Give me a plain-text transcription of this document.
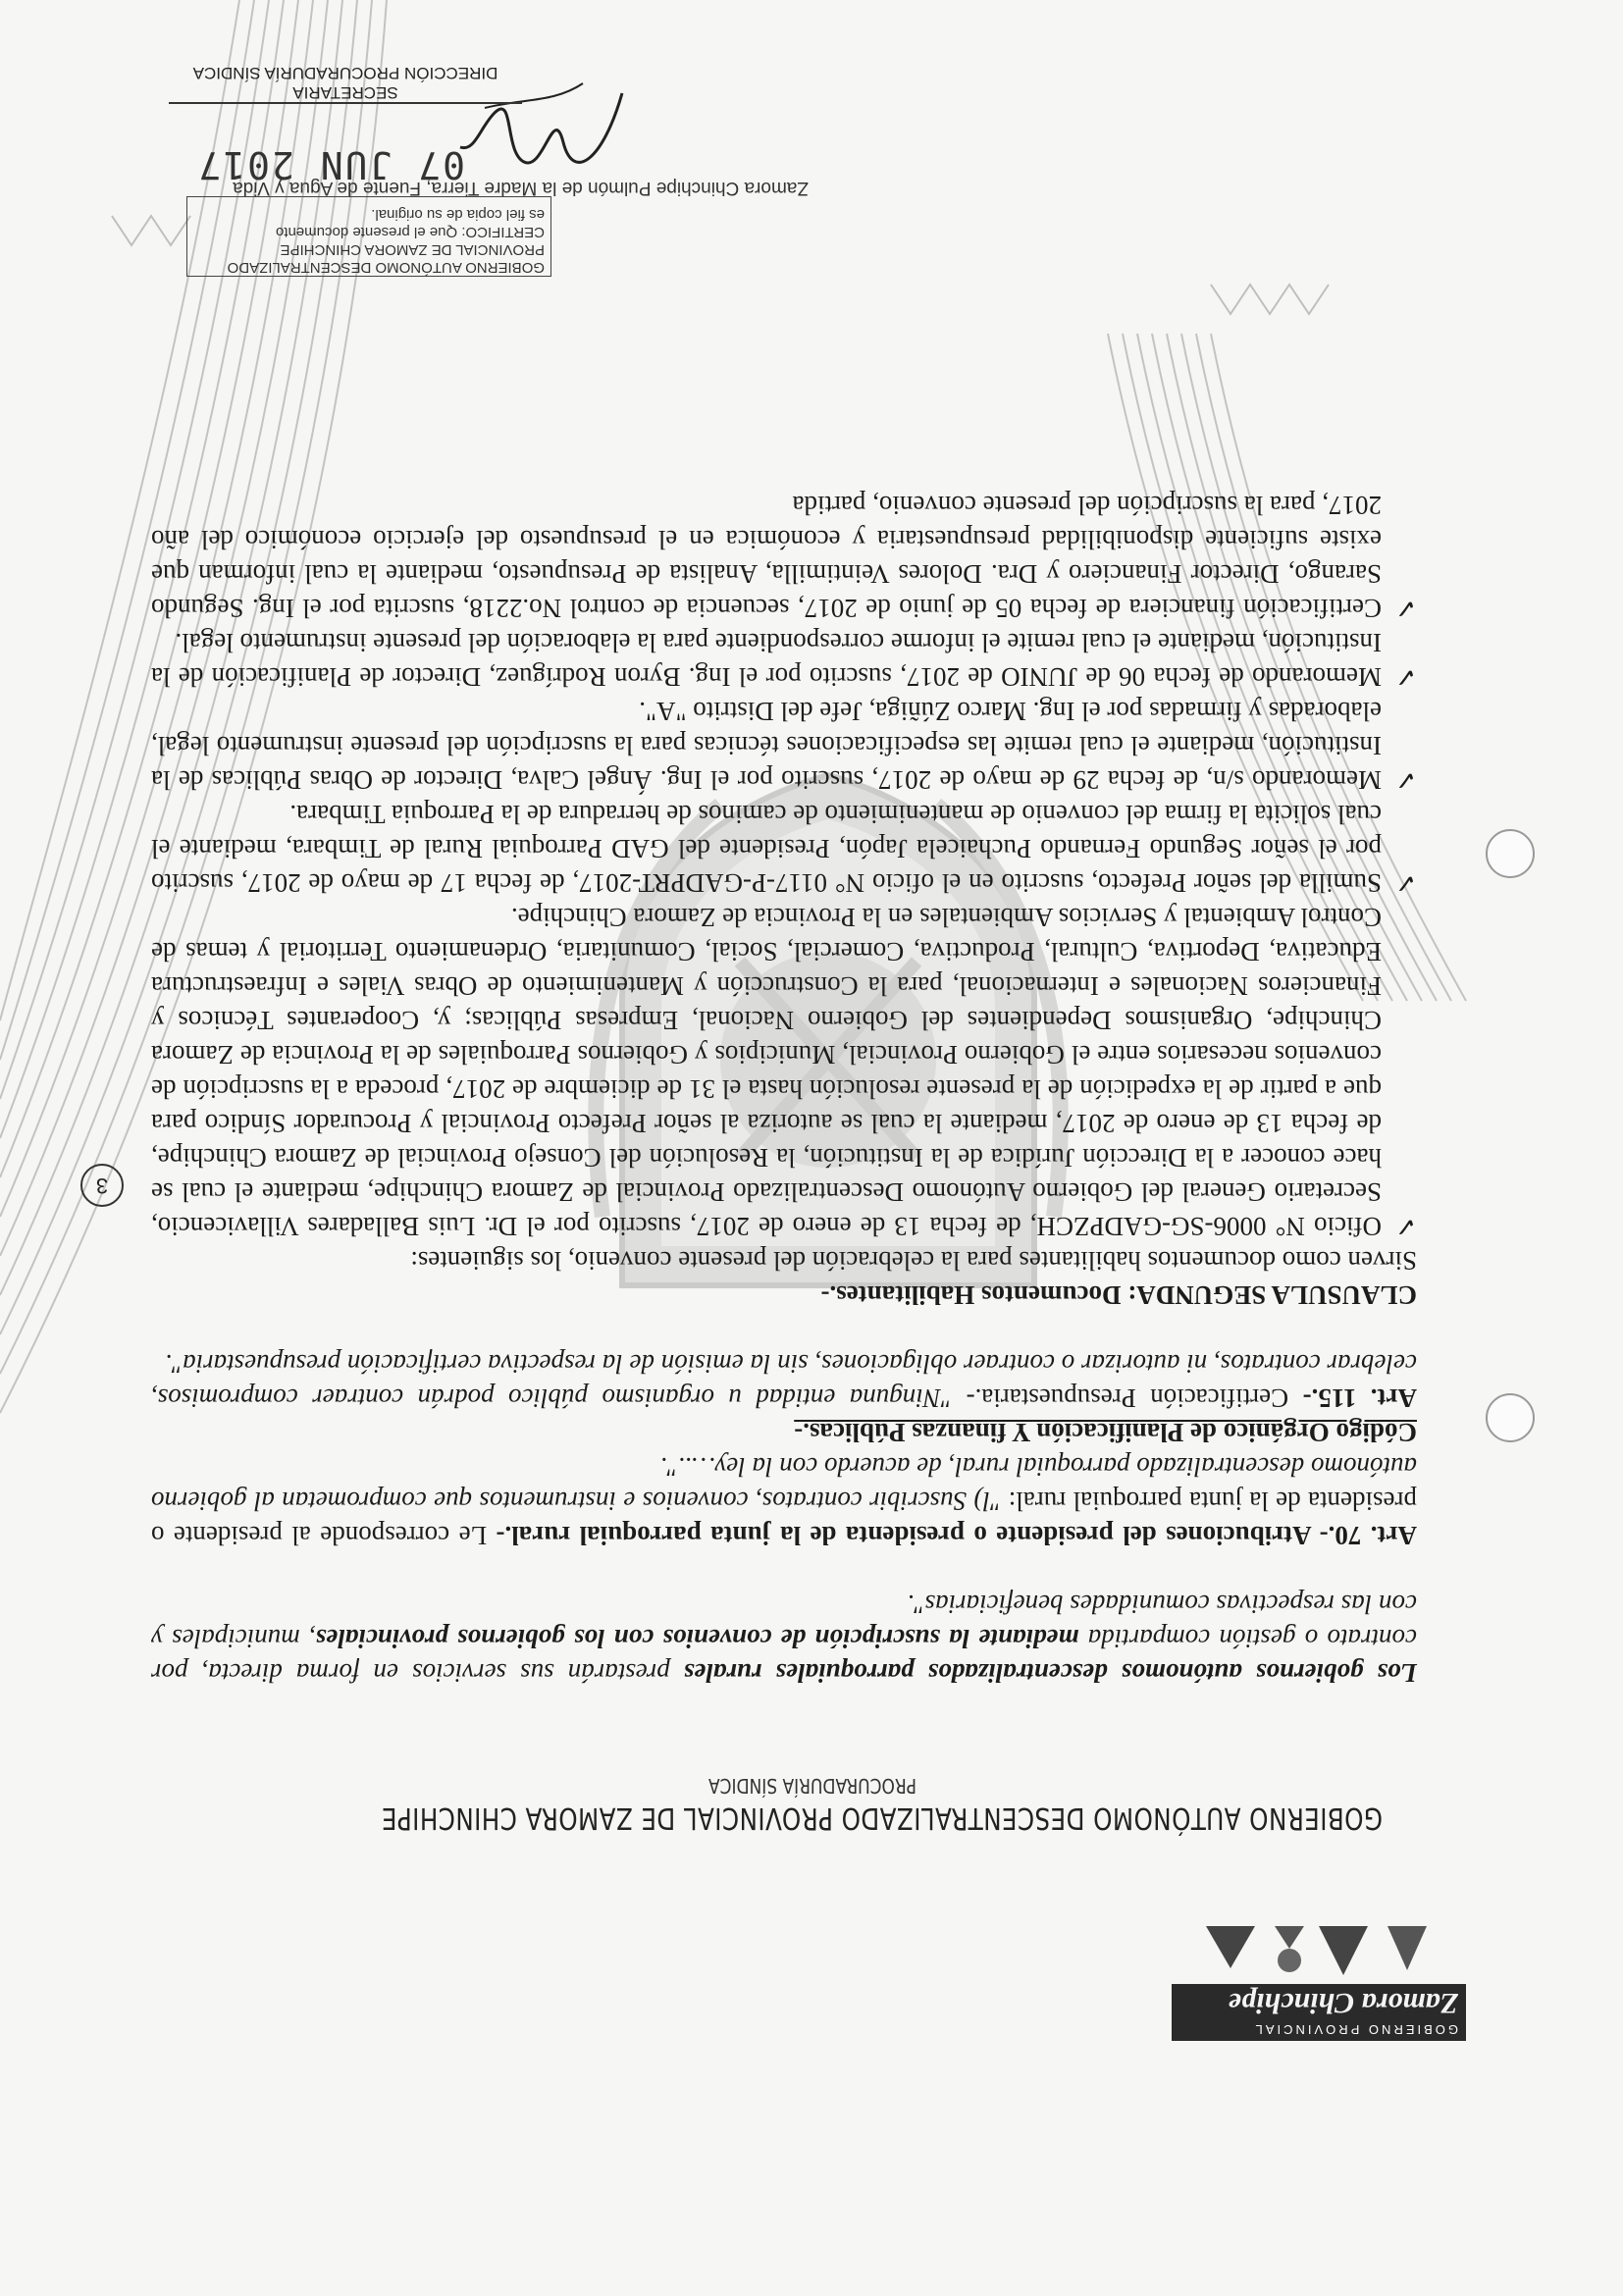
GOBIERNO PROVINCIAL
Zamora Chinchipe
GOBIERNO AUTÓNOMO DESCENTRALIZADO PROVINCIAL DE ZAMORA CHINCHIPE
PROCURADURÍA SÍNDICA
3

Los gobiernos autónomos descentralizados parroquiales rurales prestarán sus servicios en forma directa, por contrato o gestión compartida mediante la suscripción de convenios con los gobiernos provinciales, municipales y con las respectivas comunidades beneficiarias".

Art. 70.- Atribuciones del presidente o presidenta de la junta parroquial rural.- Le corresponde al presidente o presidenta de la junta parroquial rural: "l) Suscribir contratos, convenios e instrumentos que comprometan al gobierno autónomo descentralizado parroquial rural, de acuerdo con la ley…..".

Código Orgánico de Planificación Y finanzas Públicas.-

Art. 115.- Certificación Presupuestaria.- "Ninguna entidad u organismo público podrán contraer compromisos, celebrar contratos, ni autorizar o contraer obligaciones, sin la emisión de la respectiva certificación presupuestaria".

CLAUSULA SEGUNDA: Documentos Habilitantes.-

Sirven como documentos habilitantes para la celebración del presente convenio, los siguientes:

✓
Oficio N° 0006-SG-GADPZCH, de fecha 13 de enero de 2017, suscrito por el Dr. Luis Balladares Villavicencio, Secretario General del Gobierno Autónomo Descentralizado Provincial de Zamora Chinchipe, mediante el cual se hace conocer a la Dirección Jurídica de la Institución, la Resolución del Consejo Provincial de Zamora Chinchipe, de fecha 13 de enero de 2017, mediante la cual se autoriza al señor Prefecto Provincial y Procurador Síndico para que a partir de la expedición de la presente resolución hasta el 31 de diciembre de 2017, proceda a la suscripción de convenios necesarios entre el Gobierno Provincial, Municipios y Gobiernos Parroquiales de la Provincia de Zamora Chinchipe, Organismos Dependientes del Gobierno Nacional, Empresas Públicas; y, Cooperantes Técnicos y Financieros Nacionales e Internacional, para la Construcción y Mantenimiento de Obras Viales e Infraestructura Educativa, Deportiva, Cultural, Productiva, Comercial, Social, Comunitaria, Ordenamiento Territorial y temas de Control Ambiental y Servicios Ambientales en la Provincia de Zamora Chinchipe.
✓
Sumilla del señor Prefecto, suscrito en el oficio N° 0117-P-GADPRT-2017, de fecha 17 de mayo de 2017, suscrito por el señor Segundo Fernando Puchaicela Japón, Presidente del GAD Parroquial Rural de Timbara, mediante el cual solicita la firma del convenio de mantenimiento de caminos de herradura de la Parroquia Timbara.
✓
Memorando s/n, de fecha 29 de mayo de 2017, suscrito por el Ing. Ángel Calva, Director de Obras Públicas de la Institución, mediante el cual remite las especificaciones técnicas para la suscripción del presente instrumento legal, elaboradas y firmadas por el Ing. Marco Zúñiga, Jefe del Distrito "A".
✓
Memorando de fecha 06 de JUNIO de 2017, suscrito por el Ing. Byron Rodríguez, Director de Planificación de la Institución, mediante el cual remite el informe correspondiente para la elaboración del presente instrumento legal.
✓
Certificación financiera de fecha 05 de junio de 2017, secuencia de control No.2218, suscrita por el Ing. Segundo Sarango, Director Financiero y Dra. Dolores Veintimilla, Analista de Presupuesto, mediante la cual informan que existe suficiente disponibilidad presupuestaria y económica en el presupuesto del ejercicio económico del año 2017, para la suscripción del presente convenio, partida
Zamora Chinchipe Pulmón de la Madre Tierra, Fuente de Agua y Vida
GOBIERNO AUTÓNOMO DESCENTRALIZADO
PROVINCIAL DE ZAMORA CHINCHIPE
CERTIFICO: Que el presente documento
es fiel copia de su original.
07 JUN 2017
SECRETARIA
DIRECCIÓN PROCURADURÍA SÍNDICA
